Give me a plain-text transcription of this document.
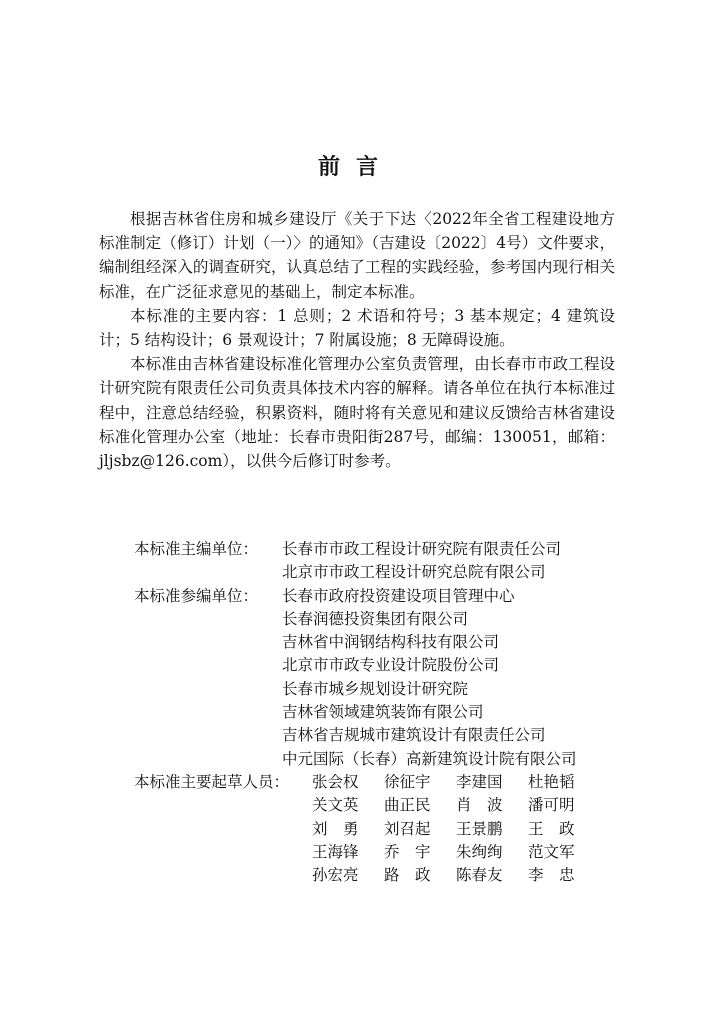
前言

根据吉林省住房和城乡建设厅《关于下达〈2022年全省工程建设地方标准制定（修订）计划（一）〉的通知》（吉建设〔2022〕4号）文件要求，编制组经深入的调查研究，认真总结了工程的实践经验，参考国内现行相关标准，在广泛征求意见的基础上，制定本标准。

本标准的主要内容：1 总则；2 术语和符号；3 基本规定；4 建筑设计；5 结构设计；6 景观设计；7 附属设施；8 无障碍设施。

本标准由吉林省建设标准化管理办公室负责管理，由长春市市政工程设计研究院有限责任公司负责具体技术内容的解释。请各单位在执行本标准过程中，注意总结经验，积累资料，随时将有关意见和建议反馈给吉林省建设标准化管理办公室（地址：长春市贵阳街287号，邮编：130051，邮箱：jljsbz@126.com），以供今后修订时参考。

本标准主编单位：	长春市市政工程设计研究院有限责任公司
北京市市政工程设计研究总院有限公司
本标准参编单位：	长春市政府投资建设项目管理中心
长春润德投资集团有限公司
吉林省中润钢结构科技有限公司
北京市市政专业设计院股份公司
长春市城乡规划设计研究院
吉林省领域建筑装饰有限公司
吉林省吉规城市建筑设计有限责任公司
中元国际（长春）高新建筑设计院有限公司
本标准主要起草人员：	张会权	徐征宇	李建国	杜艳韬
关文英	曲正民	肖　波	潘可明
刘　勇	刘召起	王景鹏	王　政
王海锋	乔　宇	朱绚绚	范文军
孙宏亮	路　政	陈春友	李　忠
